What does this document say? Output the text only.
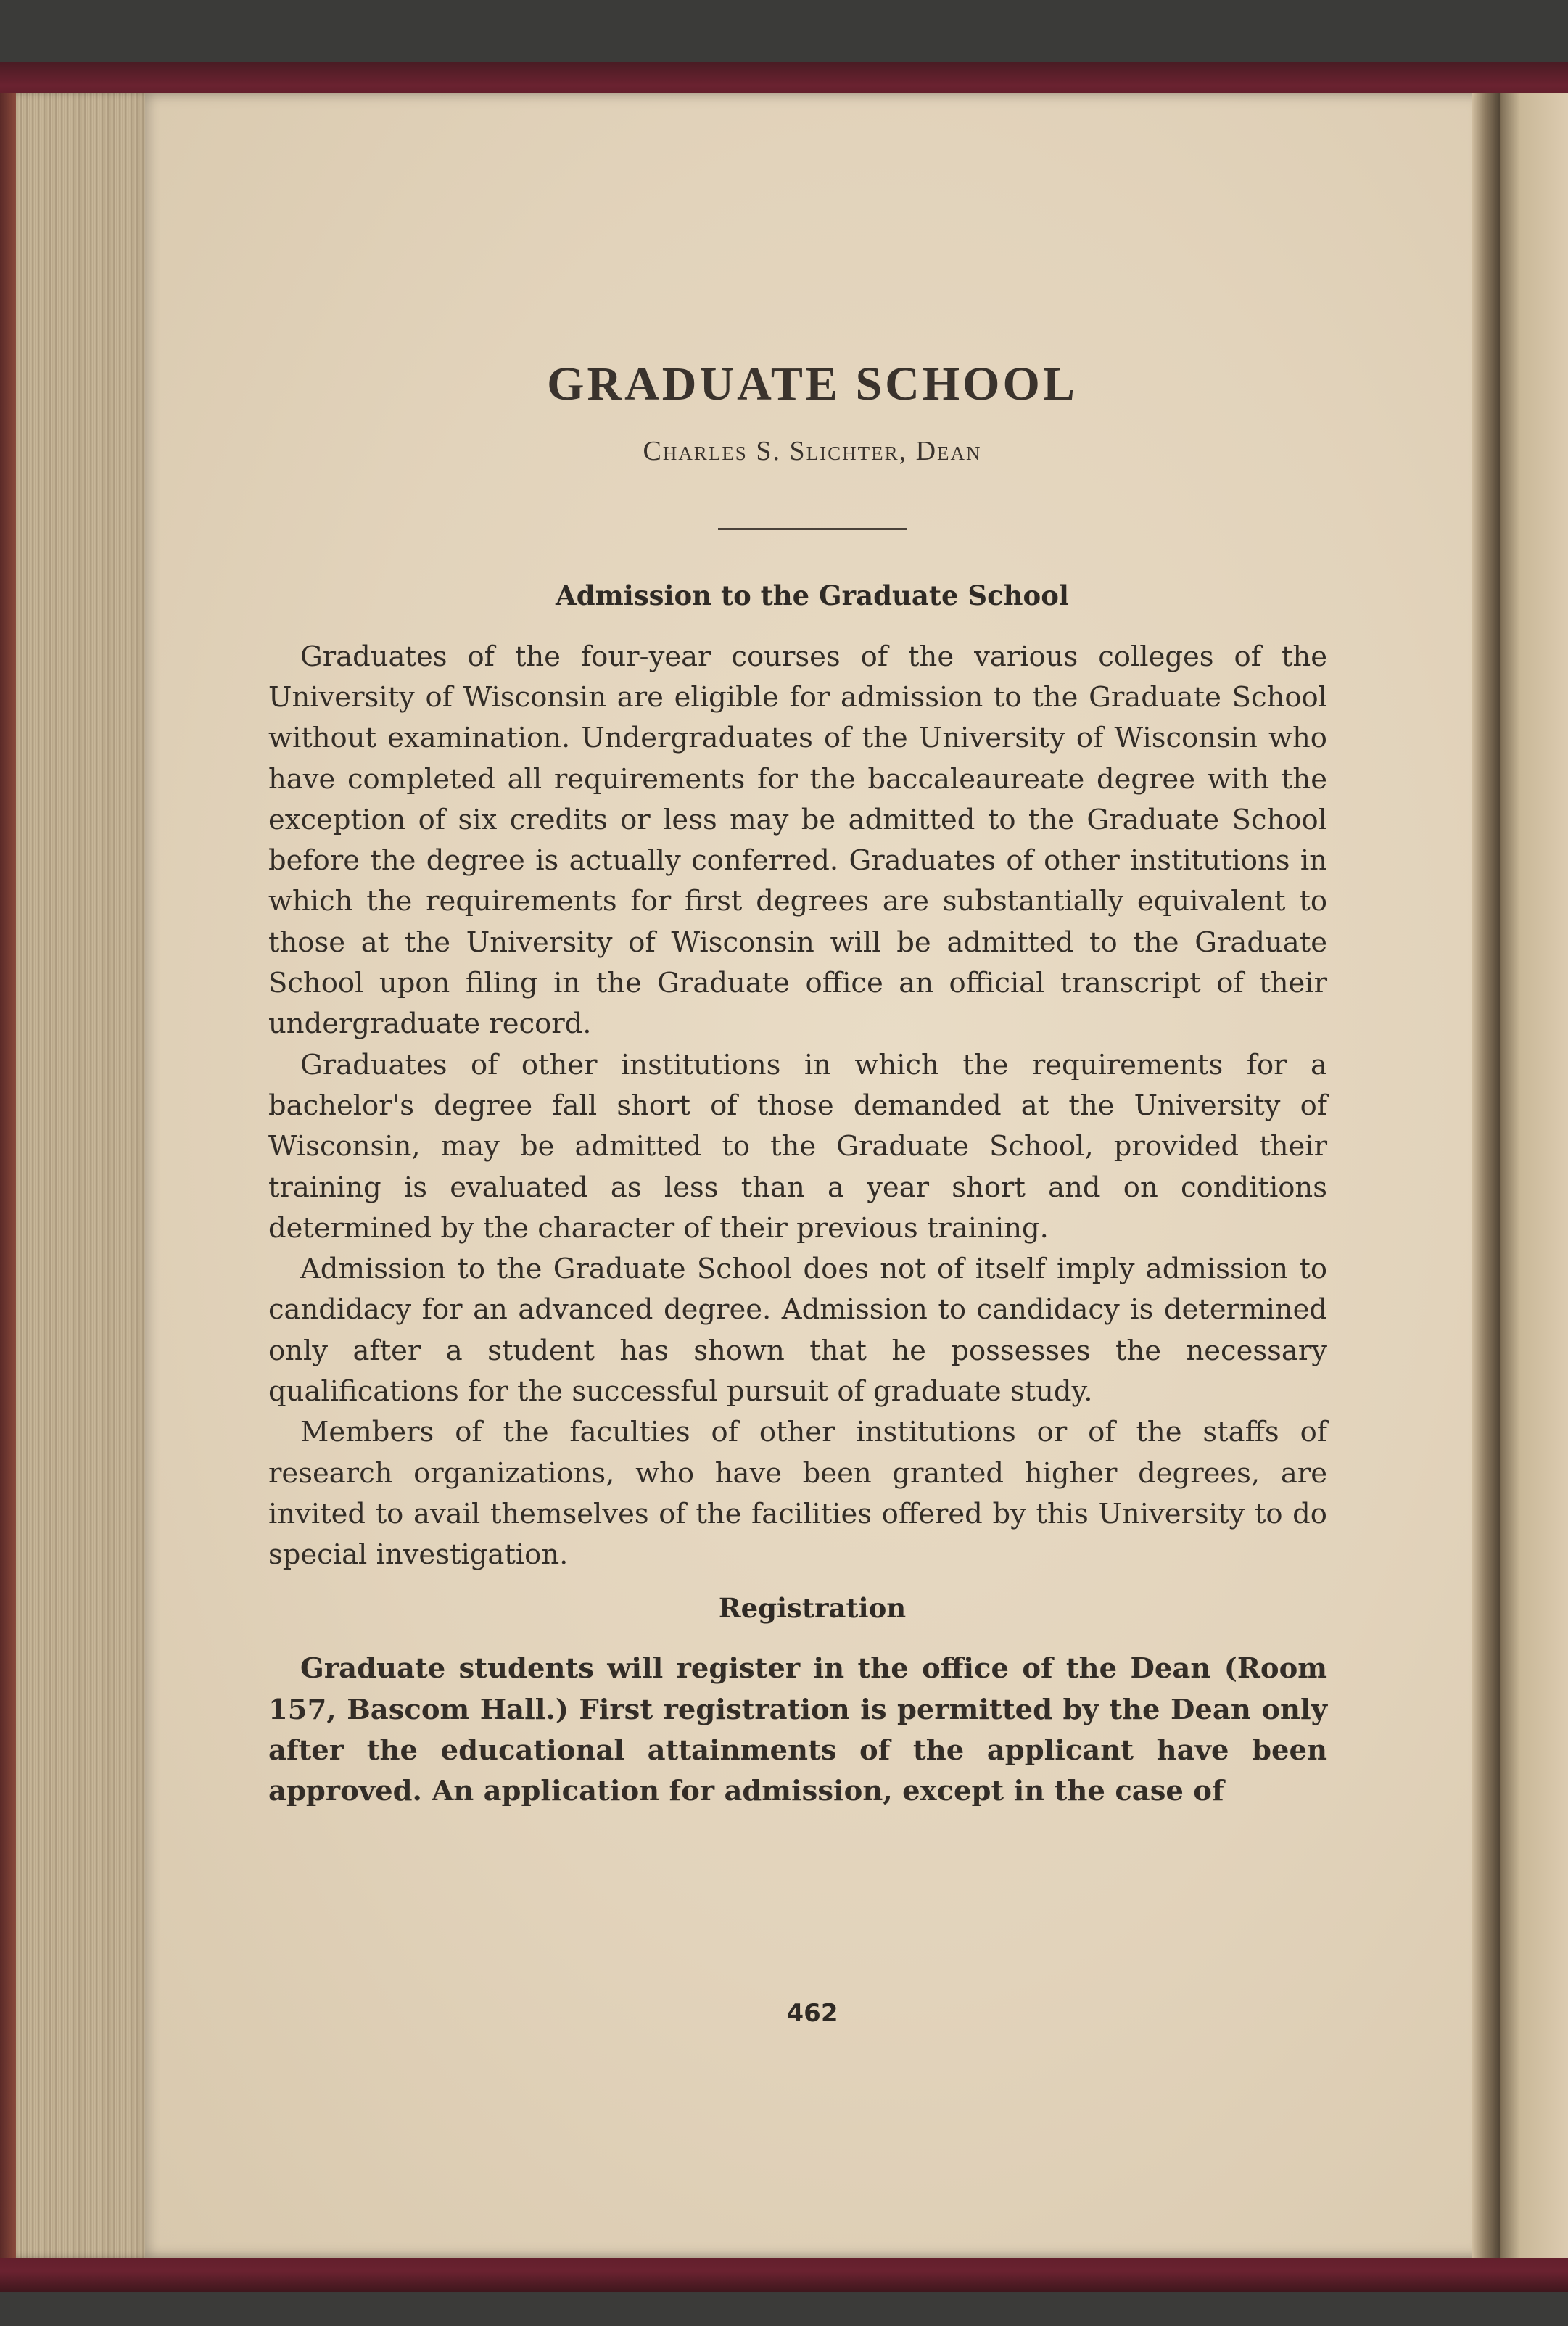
GRADUATE SCHOOL
Charles S. Slichter, Dean
Admission to the Graduate School

Graduates of the four-year courses of the various colleges of the University of Wisconsin are eligible for admission to the Graduate School without examination. Undergraduates of the University of Wisconsin who have completed all requirements for the baccaleaureate degree with the exception of six credits or less may be admitted to the Graduate School before the degree is actually conferred. Graduates of other institutions in which the requirements for first degrees are substantially equivalent to those at the University of Wisconsin will be admitted to the Graduate School upon filing in the Graduate office an official transcript of their undergraduate record.

Graduates of other institutions in which the requirements for a bachelor's degree fall short of those demanded at the University of Wisconsin, may be admitted to the Graduate School, provided their training is evaluated as less than a year short and on conditions determined by the character of their previous training.

Admission to the Graduate School does not of itself imply admission to candidacy for an advanced degree. Admission to candidacy is determined only after a student has shown that he possesses the necessary qualifications for the successful pursuit of graduate study.

Members of the faculties of other institutions or of the staffs of research organizations, who have been granted higher degrees, are invited to avail themselves of the facilities offered by this University to do special investigation.

Registration

Graduate students will register in the office of the Dean (Room 157, Bascom Hall.) First registration is permitted by the Dean only after the educational attainments of the applicant have been approved. An application for admission, except in the case of

462
